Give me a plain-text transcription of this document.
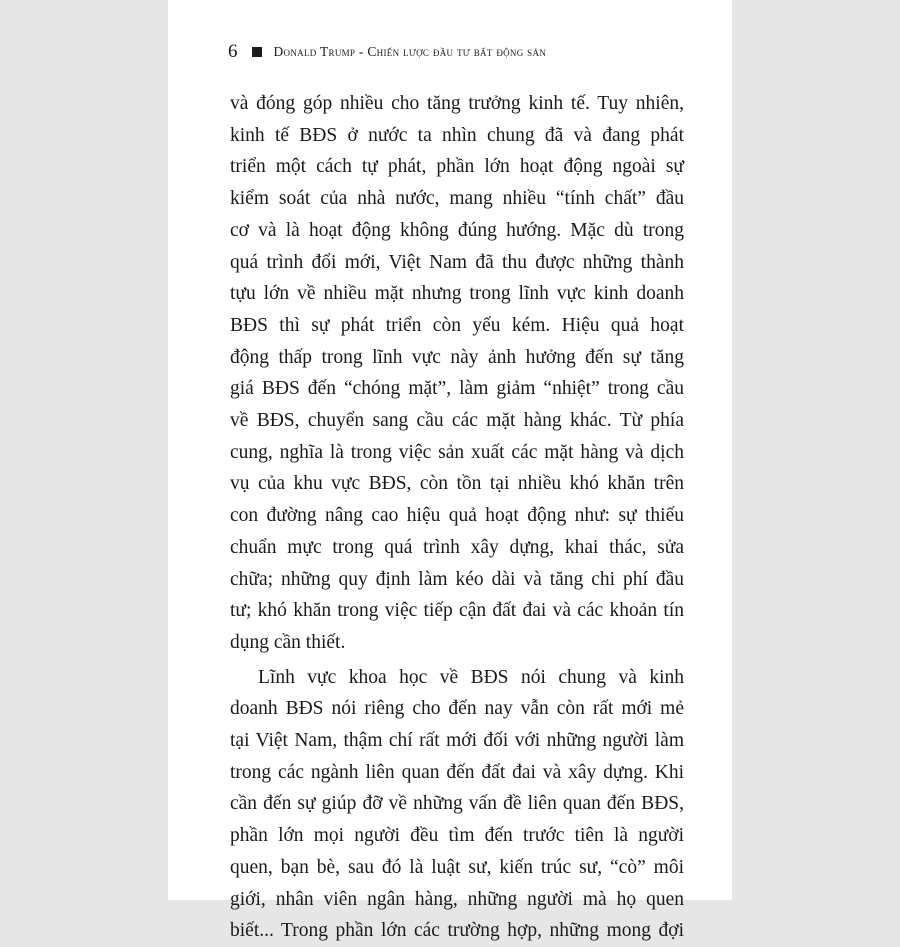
6	Donald Trump - Chiến lược đầu tư bất động sản
và đóng góp nhiều cho tăng trưởng kinh tế. Tuy nhiên,
kinh tế BĐS ở nước ta nhìn chung đã và đang phát
triển một cách tự phát, phần lớn hoạt động ngoài sự
kiểm soát của nhà nước, mang nhiều “tính chất” đầu
cơ và là hoạt động không đúng hướng. Mặc dù trong
quá trình đổi mới, Việt Nam đã thu được những thành
tựu lớn về nhiều mặt nhưng trong lĩnh vực kinh doanh
BĐS thì sự phát triển còn yếu kém. Hiệu quả hoạt
động thấp trong lĩnh vực này ảnh hưởng đến sự tăng
giá BĐS đến “chóng mặt”, làm giảm “nhiệt” trong cầu
về BĐS, chuyển sang cầu các mặt hàng khác. Từ phía
cung, nghĩa là trong việc sản xuất các mặt hàng và dịch
vụ của khu vực BĐS, còn tồn tại nhiều khó khăn trên
con đường nâng cao hiệu quả hoạt động như: sự thiếu
chuẩn mực trong quá trình xây dựng, khai thác, sửa
chữa; những quy định làm kéo dài và tăng chi phí đầu
tư; khó khăn trong việc tiếp cận đất đai và các khoản tín
dụng cần thiết.
Lĩnh vực khoa học về BĐS nói chung và kinh
doanh BĐS nói riêng cho đến nay vẫn còn rất mới mẻ
tại Việt Nam, thậm chí rất mới đối với những người làm
trong các ngành liên quan đến đất đai và xây dựng. Khi
cần đến sự giúp đỡ về những vấn đề liên quan đến BĐS,
phần lớn mọi người đều tìm đến trước tiên là người
quen, bạn bè, sau đó là luật sư, kiến trúc sư, “cò” môi
giới, nhân viên ngân hàng, những người mà họ quen
biết... Trong phần lớn các trường hợp, những mong đợi
